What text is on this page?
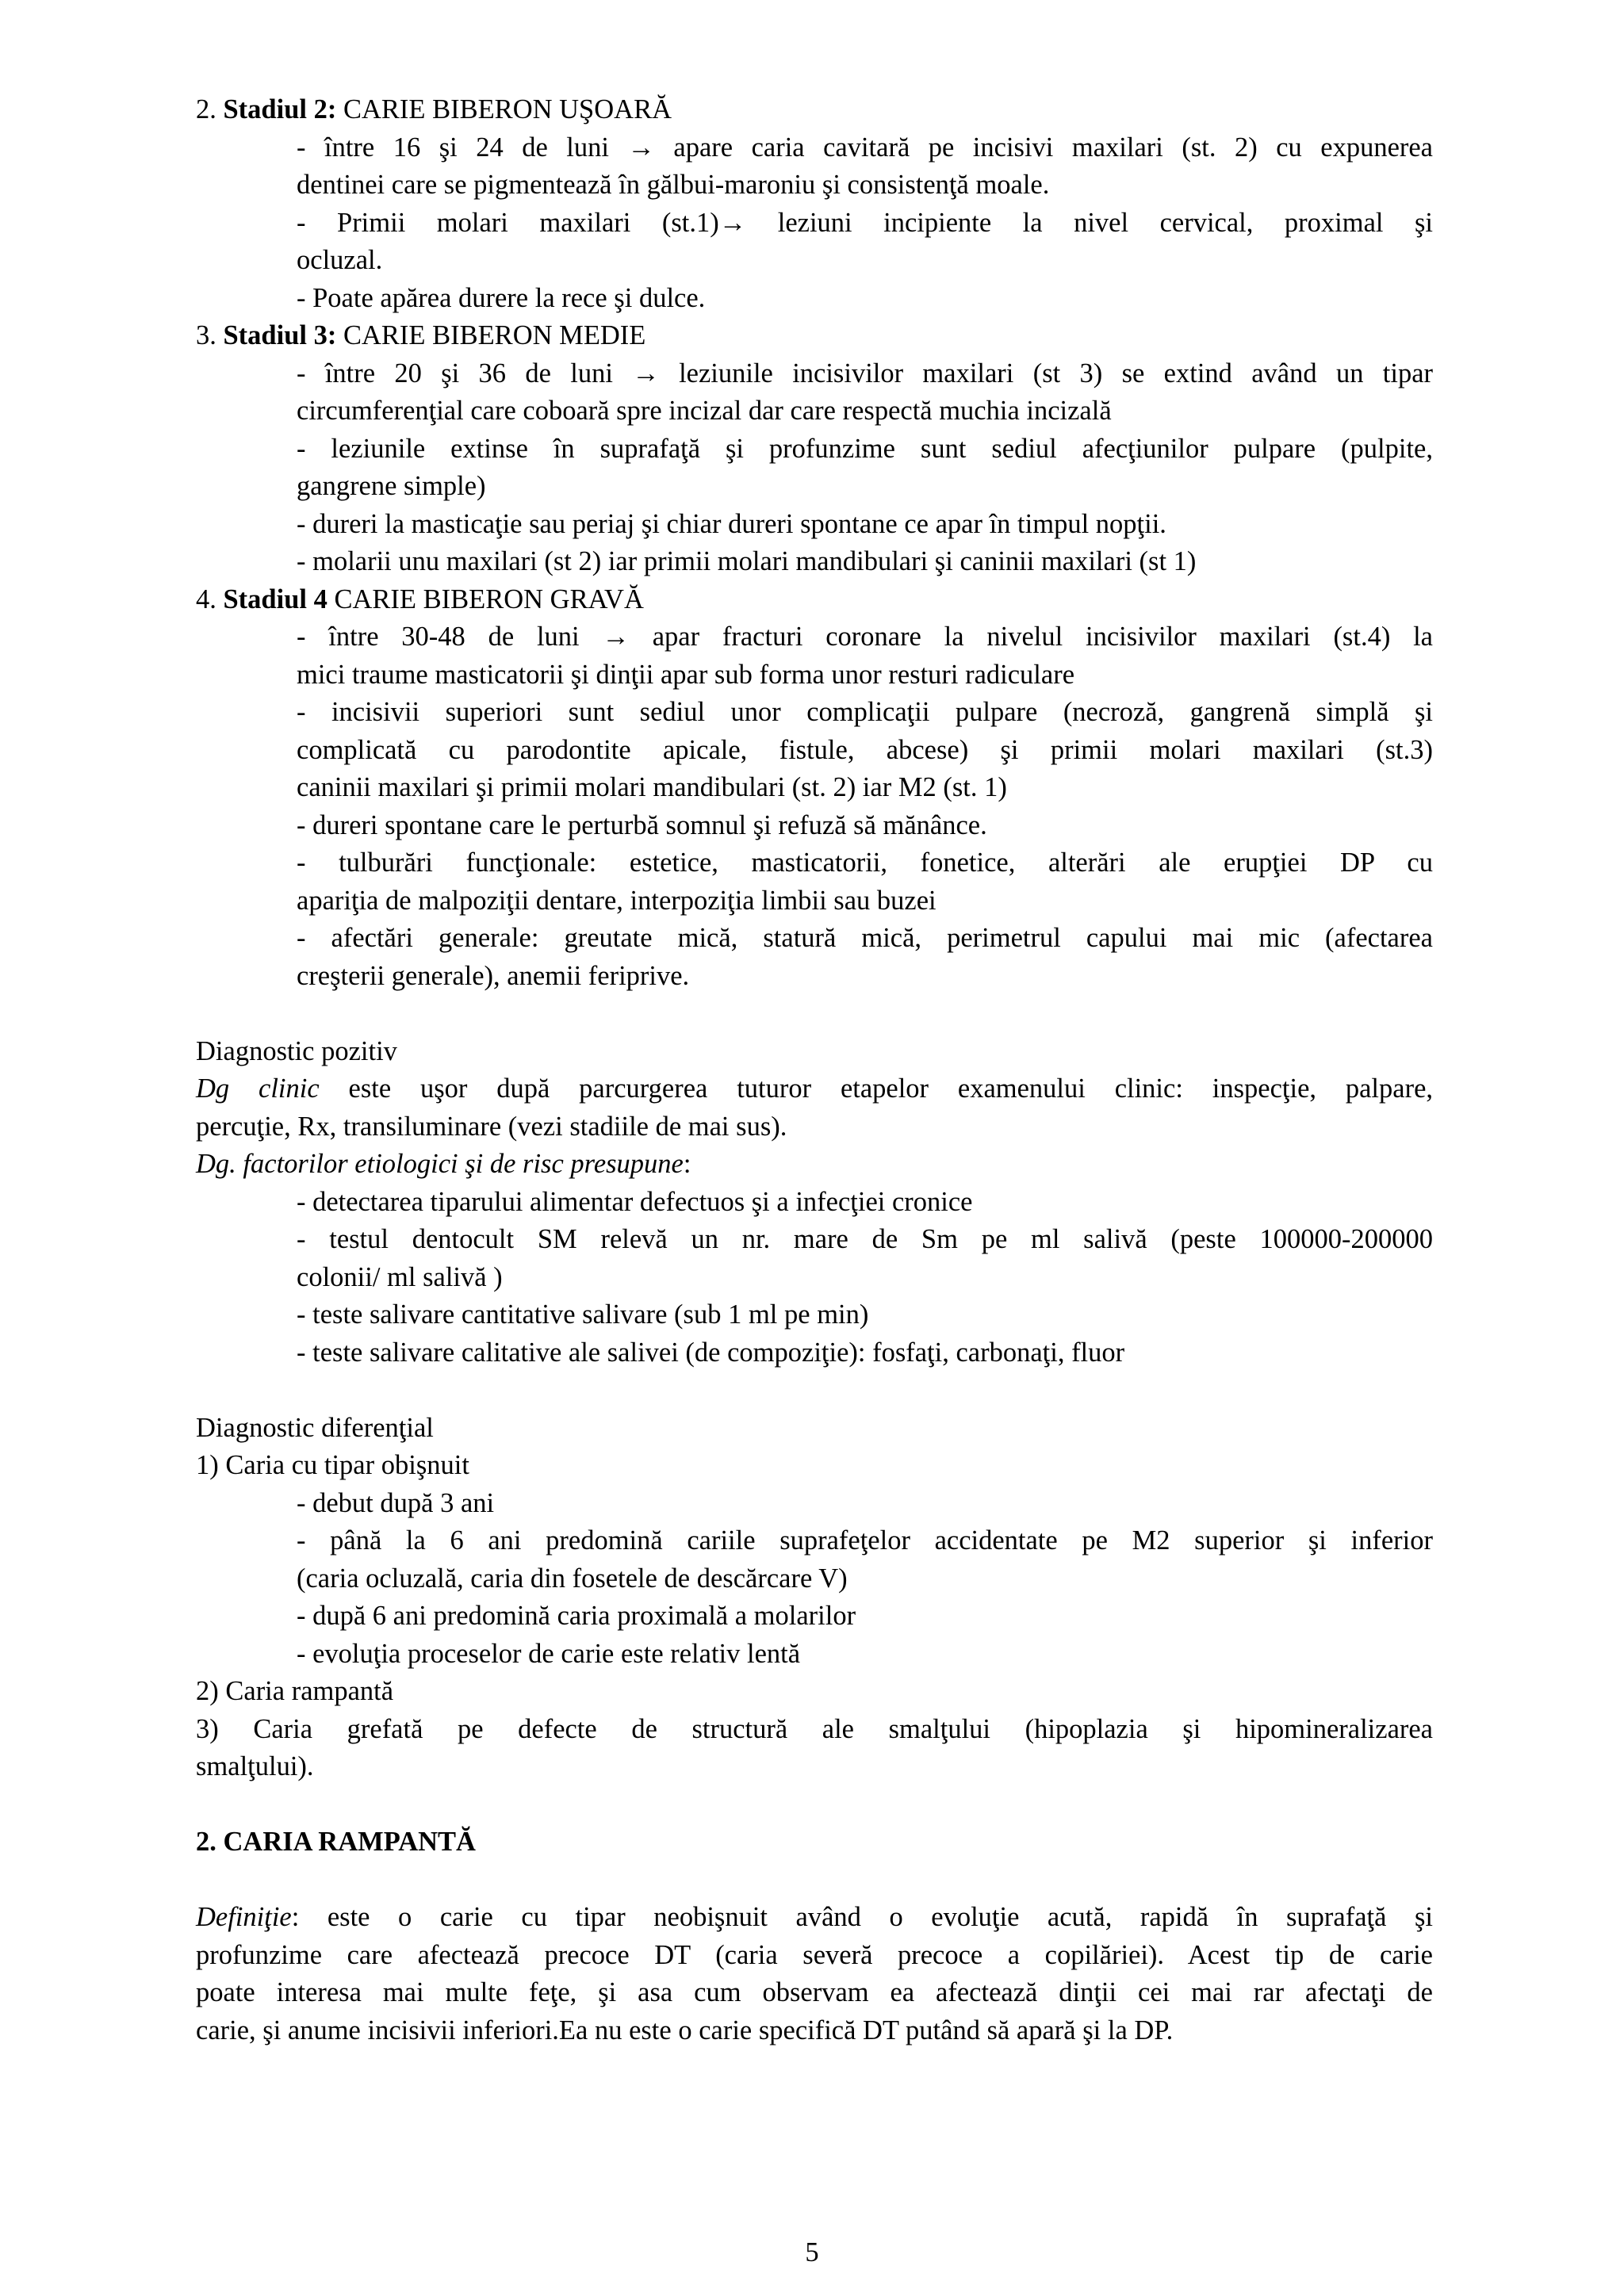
2. Stadiul 2: CARIE BIBERON UŞOARĂ
- între 16 şi 24 de luni → apare caria cavitară pe incisivi maxilari (st. 2) cu expunerea
dentinei care se pigmentează în gălbui-maroniu şi consistenţă moale.
- Primii molari maxilari (st.1)→ leziuni incipiente la nivel cervical, proximal şi
ocluzal.
- Poate apărea durere la rece şi dulce.
3. Stadiul 3: CARIE BIBERON MEDIE
- între 20 şi 36 de luni → leziunile incisivilor maxilari (st 3) se extind având un tipar
circumferenţial care coboară spre incizal dar care respectă muchia incizală
- leziunile extinse în suprafaţă şi profunzime sunt sediul afecţiunilor pulpare (pulpite,
gangrene simple)
- dureri la masticaţie sau periaj şi chiar dureri spontane ce apar în timpul nopţii.
- molarii unu maxilari (st 2) iar primii molari mandibulari şi caninii maxilari (st 1)
4. Stadiul 4 CARIE BIBERON GRAVĂ
- între 30-48 de luni → apar fracturi coronare la nivelul incisivilor maxilari (st.4) la
mici traume masticatorii şi dinţii apar sub forma unor resturi radiculare
- incisivii superiori sunt sediul unor complicaţii pulpare (necroză, gangrenă simplă şi
complicată cu parodontite apicale, fistule, abcese) şi primii molari maxilari (st.3)
caninii maxilari şi primii molari mandibulari (st. 2) iar M2 (st. 1)
- dureri spontane care le perturbă somnul şi refuză să mănânce.
- tulburări funcţionale: estetice, masticatorii, fonetice, alterări ale erupţiei DP cu
apariţia de malpoziţii dentare, interpoziţia limbii sau buzei
- afectări generale: greutate mică, statură mică, perimetrul capului mai mic (afectarea
creşterii generale), anemii feriprive.
Diagnostic pozitiv
Dg clinic este uşor după parcurgerea tuturor etapelor examenului clinic: inspecţie, palpare,
percuţie, Rx, transiluminare (vezi stadiile de mai sus).
Dg. factorilor etiologici şi de risc presupune:
- detectarea tiparului alimentar defectuos şi a infecţiei cronice
- testul dentocult SM relevă un nr. mare de Sm pe ml salivă (peste 100000-200000
colonii/ ml salivă )
- teste salivare cantitative salivare (sub 1 ml pe min)
- teste salivare calitative ale salivei (de compoziţie): fosfaţi, carbonaţi, fluor
Diagnostic diferenţial
1) Caria cu tipar obişnuit
- debut după 3 ani
- până la 6 ani predomină cariile suprafeţelor accidentate pe M2 superior şi inferior
(caria ocluzală, caria din fosetele de descărcare V)
- după 6 ani predomină caria proximală a molarilor
- evoluţia proceselor de carie este relativ lentă
2) Caria rampantă
3) Caria grefată pe defecte de structură ale smalţului (hipoplazia şi hipomineralizarea
smalţului).
2. CARIA RAMPANTĂ
Definiţie: este o carie cu tipar neobişnuit având o evoluţie acută, rapidă în suprafaţă şi
profunzime care afectează precoce DT (caria severă precoce a copilăriei). Acest tip de carie
poate interesa mai multe feţe, şi asa cum observam ea afectează dinţii cei mai rar afectaţi de
carie, şi anume incisivii inferiori.Ea nu este o carie specifică DT putând să apară şi la DP.
5
